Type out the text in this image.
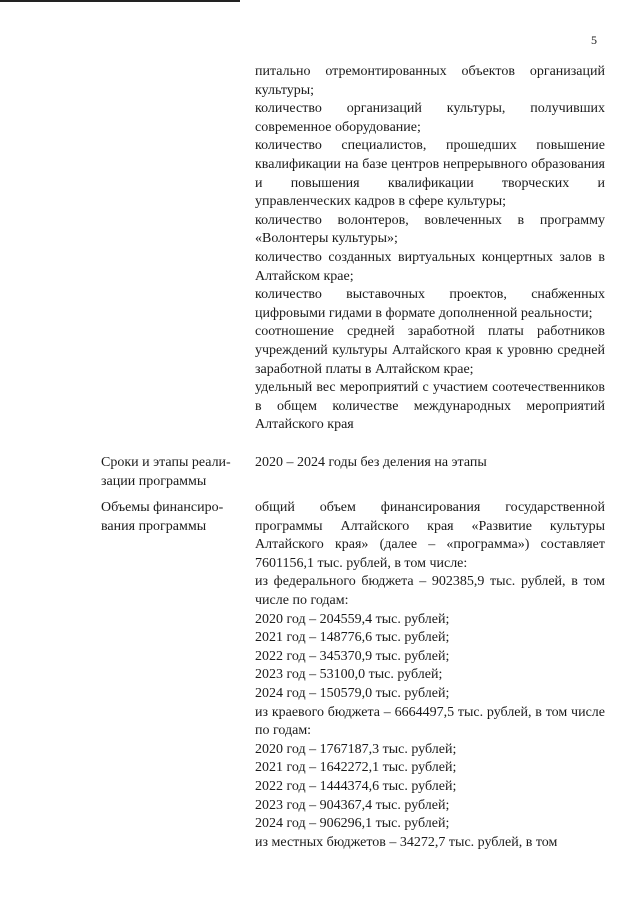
5

питально отремонтированных объектов организаций культуры;

количество организаций культуры, получивших современное оборудование;

количество специалистов, прошедших повышение квалификации на базе центров непрерывного образования и повышения квалификации творческих и управленческих кадров в сфере культуры;

количество волонтеров, вовлеченных в программу «Волонтеры культуры»;

количество созданных виртуальных концертных залов в Алтайском крае;

количество выставочных проектов, снабженных цифровыми гидами в формате дополненной реальности;

соотношение средней заработной платы работников учреждений культуры Алтайского края к уровню средней заработной платы в Алтайском крае;

удельный вес мероприятий с участием соотечественников в общем количестве международных мероприятий Алтайского края

Сроки и этапы реали-

зации программы

2020 – 2024 годы без деления на этапы

Объемы финансиро-

вания программы

общий объем финансирования государственной программы Алтайского края «Развитие культуры Алтайского края» (далее – «программа») составляет 7601156,1 тыс. рублей, в том числе:

из федерального бюджета – 902385,9 тыс. рублей, в том числе по годам:

2020 год – 204559,4 тыс. рублей;

2021 год – 148776,6 тыс. рублей;

2022 год – 345370,9 тыс. рублей;

2023 год – 53100,0 тыс. рублей;

2024 год – 150579,0 тыс. рублей;

из краевого бюджета – 6664497,5 тыс. рублей, в том числе по годам:

2020 год – 1767187,3 тыс. рублей;

2021 год – 1642272,1 тыс. рублей;

2022 год – 1444374,6 тыс. рублей;

2023 год – 904367,4 тыс. рублей;

2024 год – 906296,1 тыс. рублей;

из местных бюджетов – 34272,7 тыс. рублей, в том
